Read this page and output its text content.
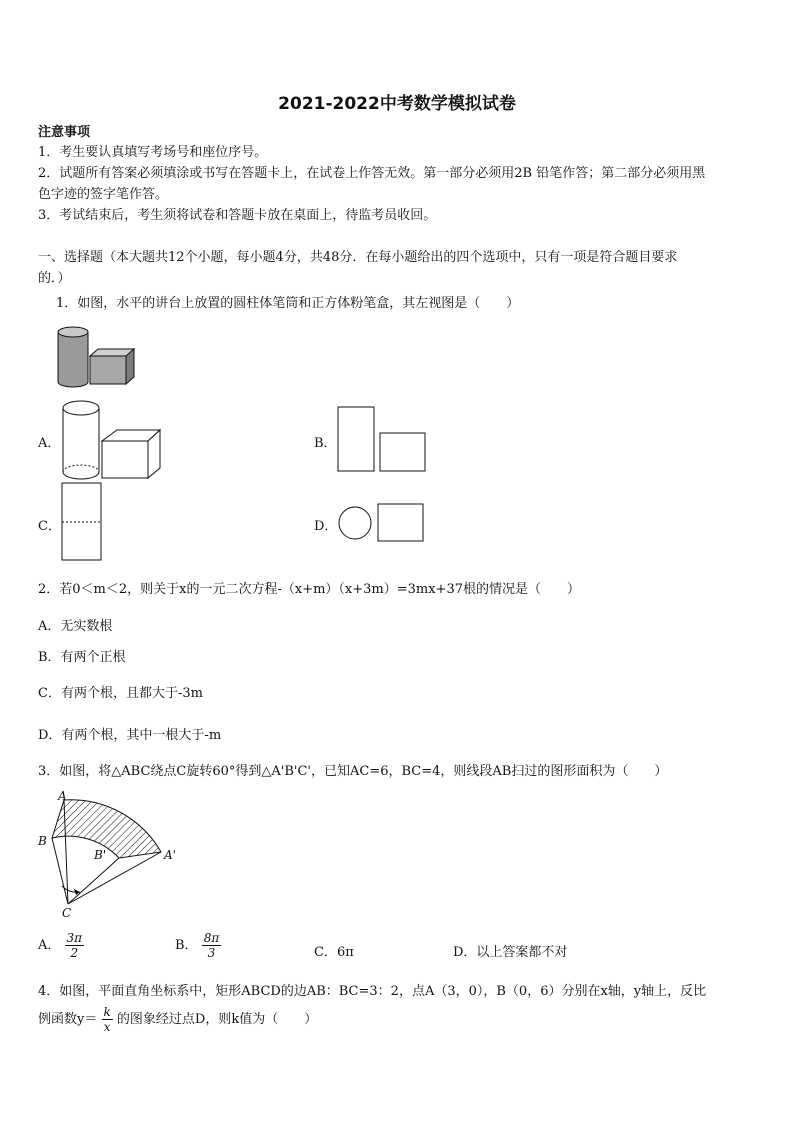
2021-2022中考数学模拟试卷
注意事项
1．考生要认真填写考场号和座位序号。
2．试题所有答案必须填涂或书写在答题卡上，在试卷上作答无效。第一部分必须用2B 铅笔作答；第二部分必须用黑
色字迹的签字笔作答。
3．考试结束后，考生须将试卷和答题卡放在桌面上，待监考员收回。
一、选择题（本大题共12个小题，每小题4分，共48分．在每小题给出的四个选项中，只有一项是符合题目要求
的．）
1．如图，水平的讲台上放置的圆柱体笔筒和正方体粉笔盒，其左视图是（　　）
A．	B．
C．	D．
2．若0＜m＜2，则关于x的一元二次方程-（x+m）（x+3m）=3mx+37根的情况是（　　）
A．无实数根
B．有两个正根
C．有两个根，且都大于-3m
D．有两个根，其中一根大于-m
3．如图，将△ABC绕点C旋转60°得到△A'B'C'，已知AC=6，BC=4，则线段AB扫过的图形面积为（　　）
A
B
B'	A'
C
A． $\frac{3\pi}{2}$	B． $\frac{8\pi}{3}$	C．6π	D．以上答案都不对
4．如图，平面直角坐标系中，矩形ABCD的边AB：BC=3：2，点A（3，0），B（0，6）分别在x轴，y轴上，反比
例函数$y= \frac{k}{x}$ 的图象经过点D，则k值为（　　）
